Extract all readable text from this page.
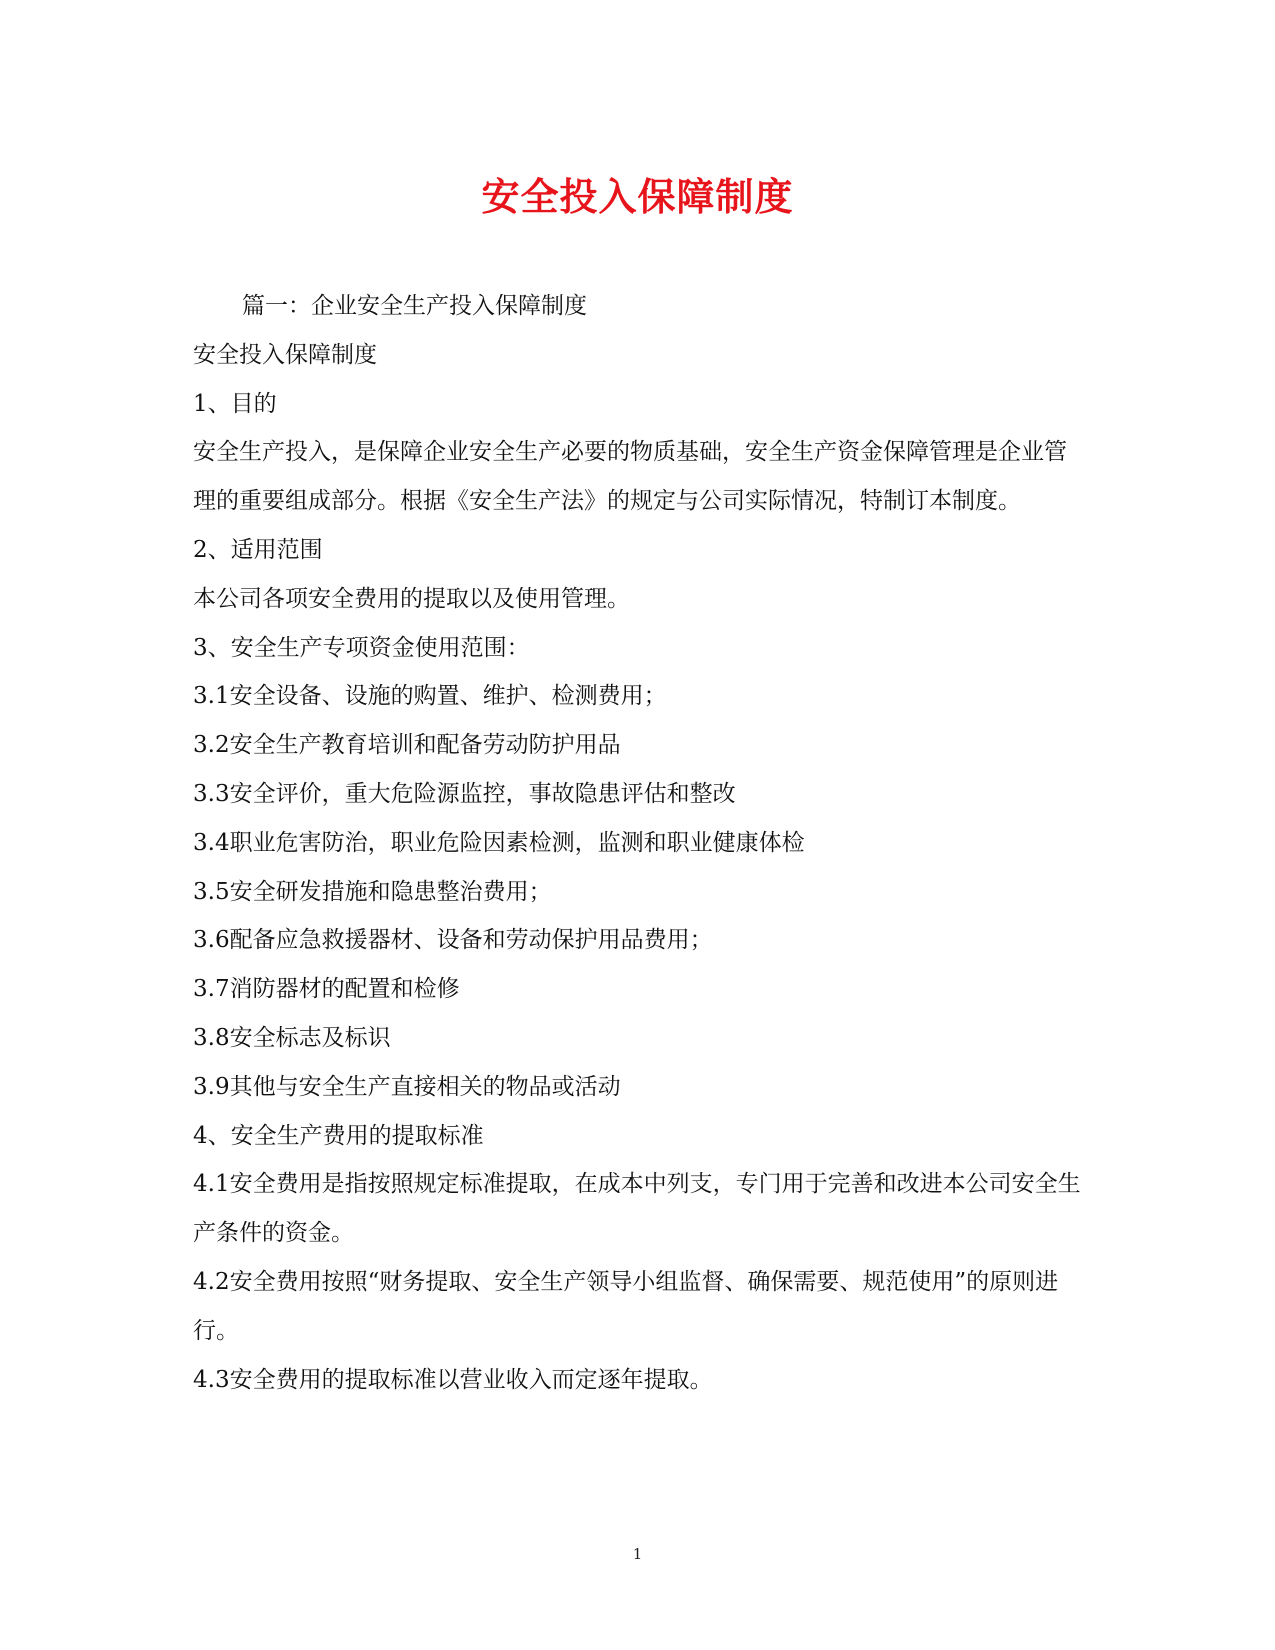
安全投入保障制度

篇一：企业安全生产投入保障制度

安全投入保障制度

1、目的

安全生产投入，是保障企业安全生产必要的物质基础，安全生产资金保障管理是企业管理的重要组成部分。根据《安全生产法》的规定与公司实际情况，特制订本制度。

2、适用范围

本公司各项安全费用的提取以及使用管理。

3、安全生产专项资金使用范围：

3.1安全设备、设施的购置、维护、检测费用；

3.2安全生产教育培训和配备劳动防护用品

3.3安全评价，重大危险源监控，事故隐患评估和整改

3.4职业危害防治，职业危险因素检测，监测和职业健康体检

3.5安全研发措施和隐患整治费用；

3.6配备应急救援器材、设备和劳动保护用品费用；

3.7消防器材的配置和检修

3.8安全标志及标识

3.9其他与安全生产直接相关的物品或活动

4、安全生产费用的提取标准

4.1安全费用是指按照规定标准提取，在成本中列支，专门用于完善和改进本公司安全生产条件的资金。

4.2安全费用按照“财务提取、安全生产领导小组监督、确保需要、规范使用”的原则进行。

4.3安全费用的提取标准以营业收入而定逐年提取。

1
